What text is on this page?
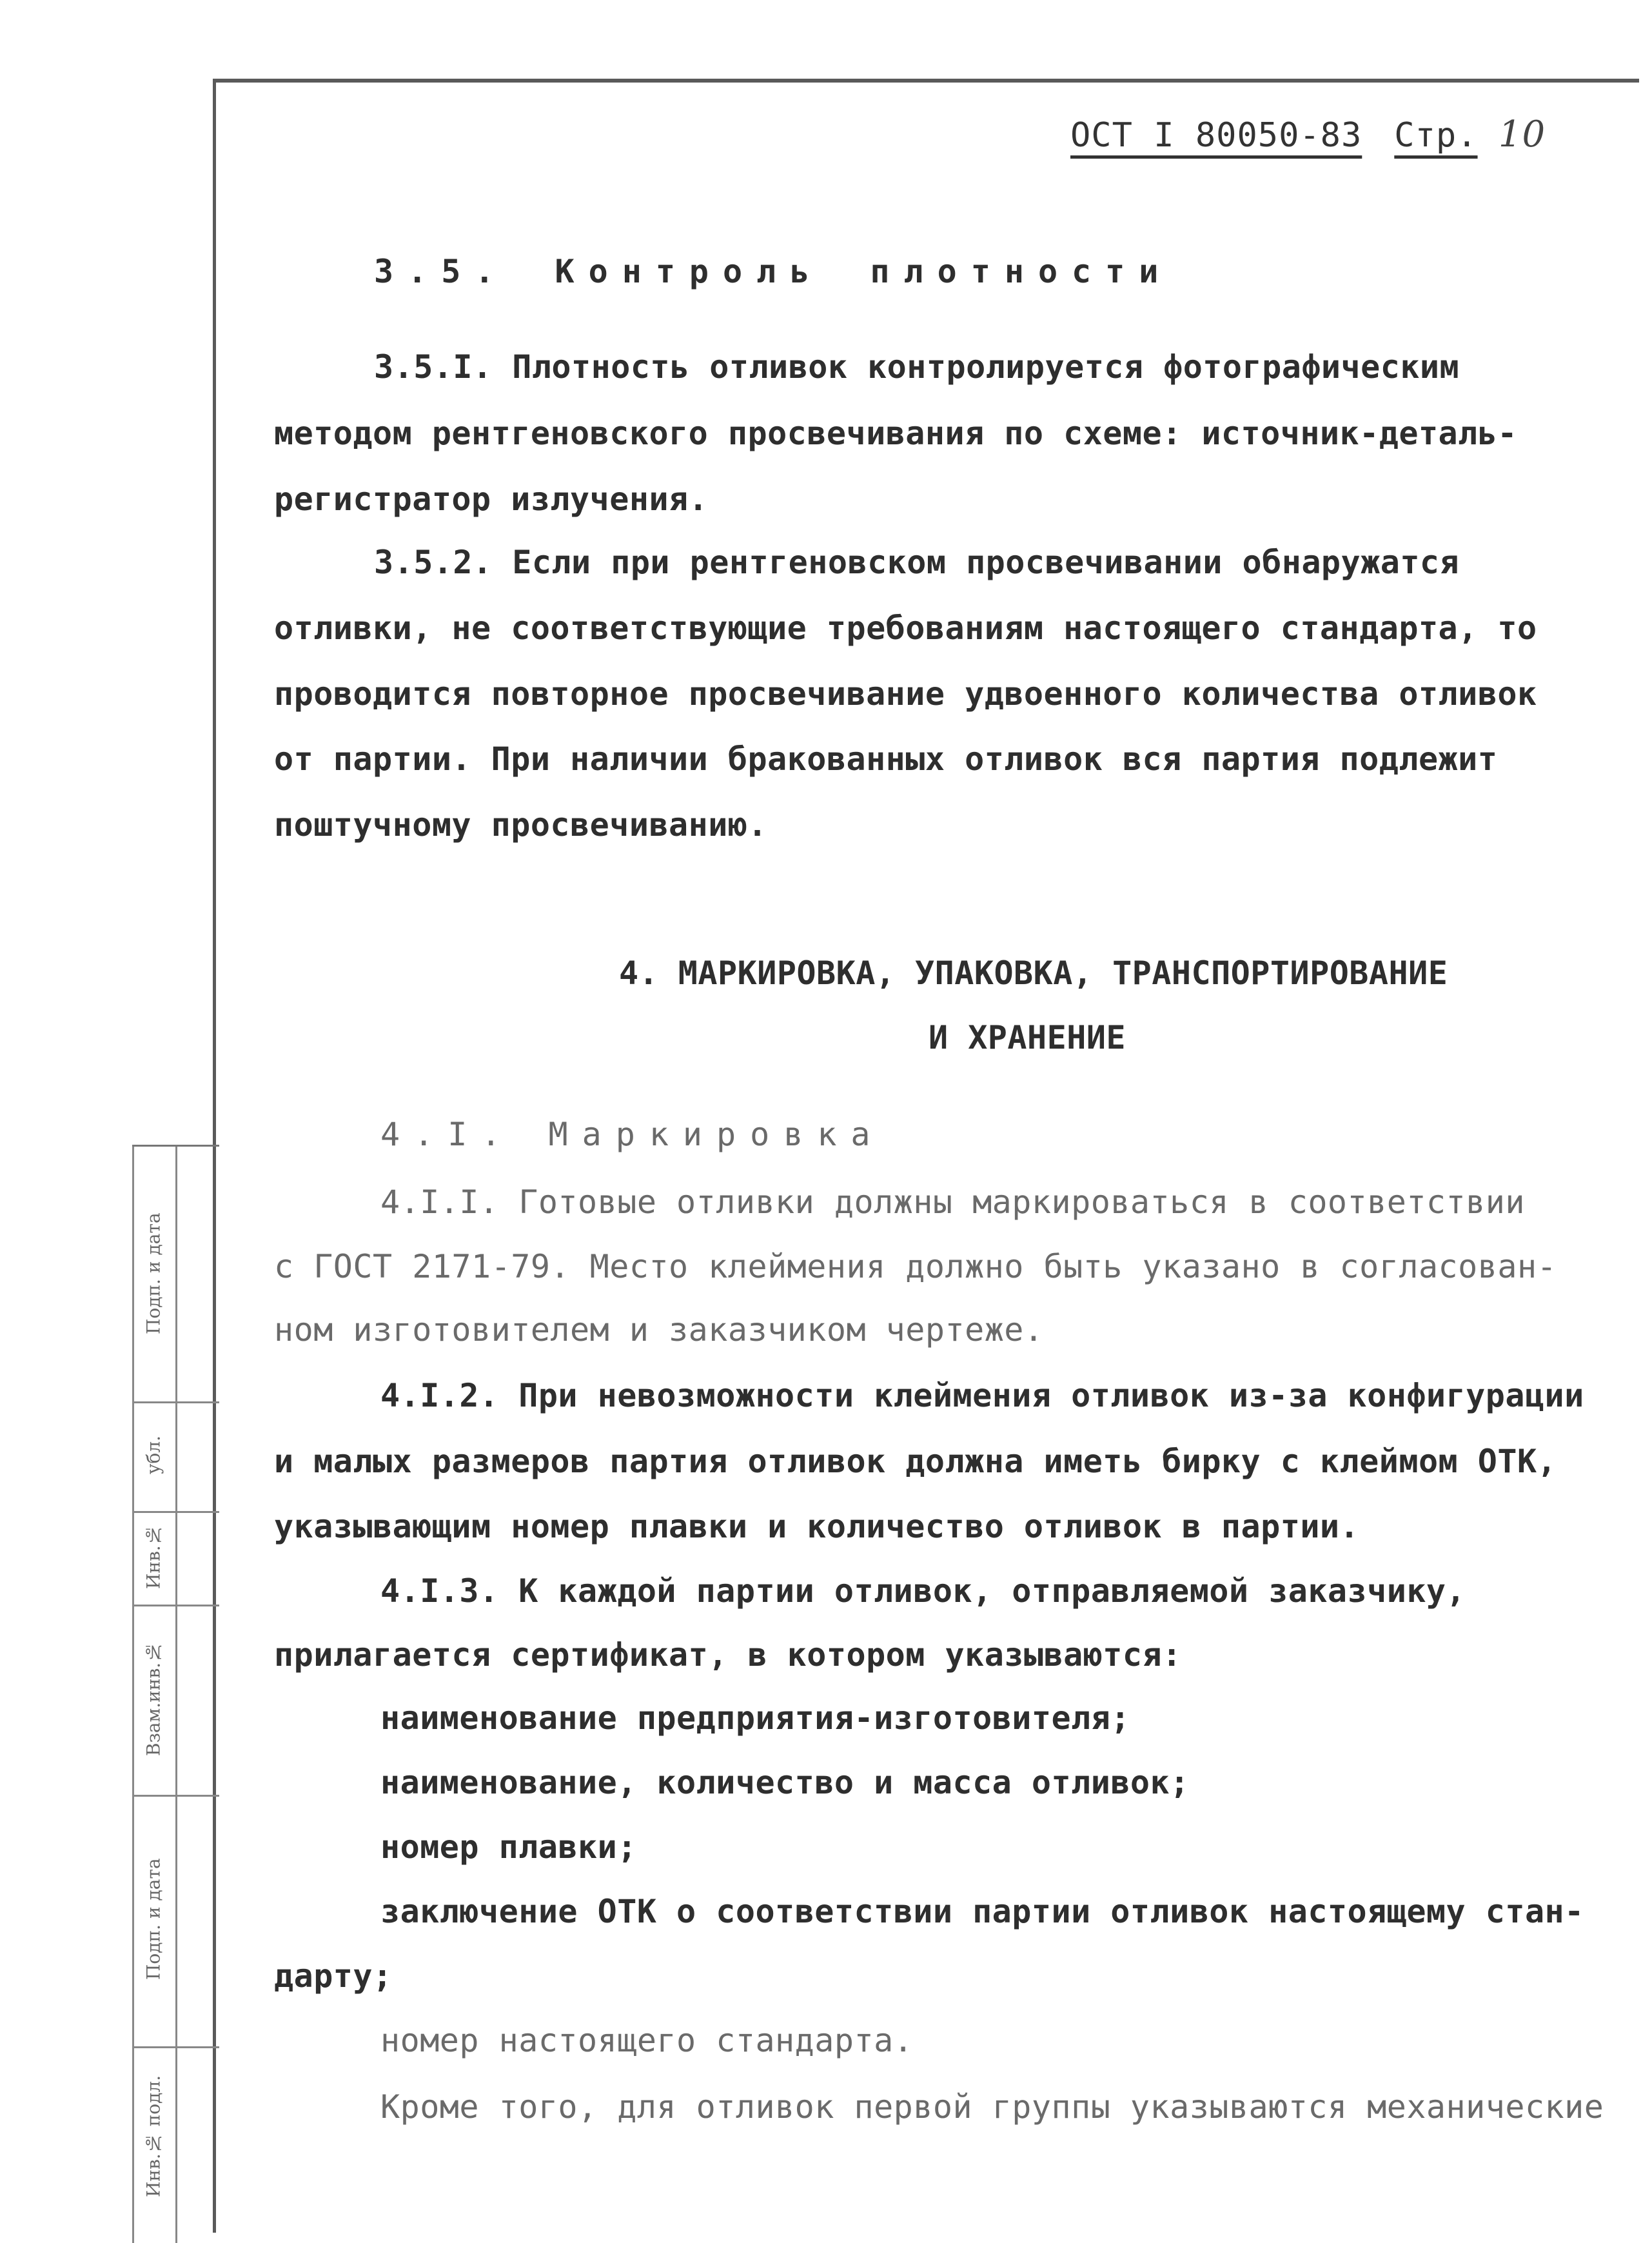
ОСТ I 80050-83 Стр. 10
3.5. Контроль плотности
3.5.I. Плотность отливок контролируется фотографическим
методом рентгеновского просвечивания по схеме: источник-деталь-
регистратор излучения.
3.5.2. Если при рентгеновском просвечивании обнаружатся
отливки, не соответствующие требованиям настоящего стандарта, то
проводится повторное просвечивание удвоенного количества отливок
от партии. При наличии бракованных отливок вся партия подлежит
поштучному просвечиванию.
4. МАРКИРОВКА, УПАКОВКА, ТРАНСПОРТИРОВАНИЕ
И ХРАНЕНИЕ
4.I. Маркировка
4.I.I. Готовые отливки должны маркироваться в соответствии
с ГОСТ 2171-79. Место клеймения должно быть указано в согласован-
ном изготовителем и заказчиком чертеже.
4.I.2. При невозможности клеймения отливок из-за конфигурации
и малых размеров партия отливок должна иметь бирку с клеймом ОТК,
указывающим номер плавки и количество отливок в партии.
4.I.3. К каждой партии отливок, отправляемой заказчику,
прилагается сертификат, в котором указываются:
наименование предприятия-изготовителя;
наименование, количество и масса отливок;
номер плавки;
заключение ОТК о соответствии партии отливок настоящему стан-
дарту;
номер настоящего стандарта.
Кроме того, для отливок первой группы указываются механические
Подп. и дата
убл.
Инв.№
Взам.инв.№
Подп. и дата
Инв.№ подл.
